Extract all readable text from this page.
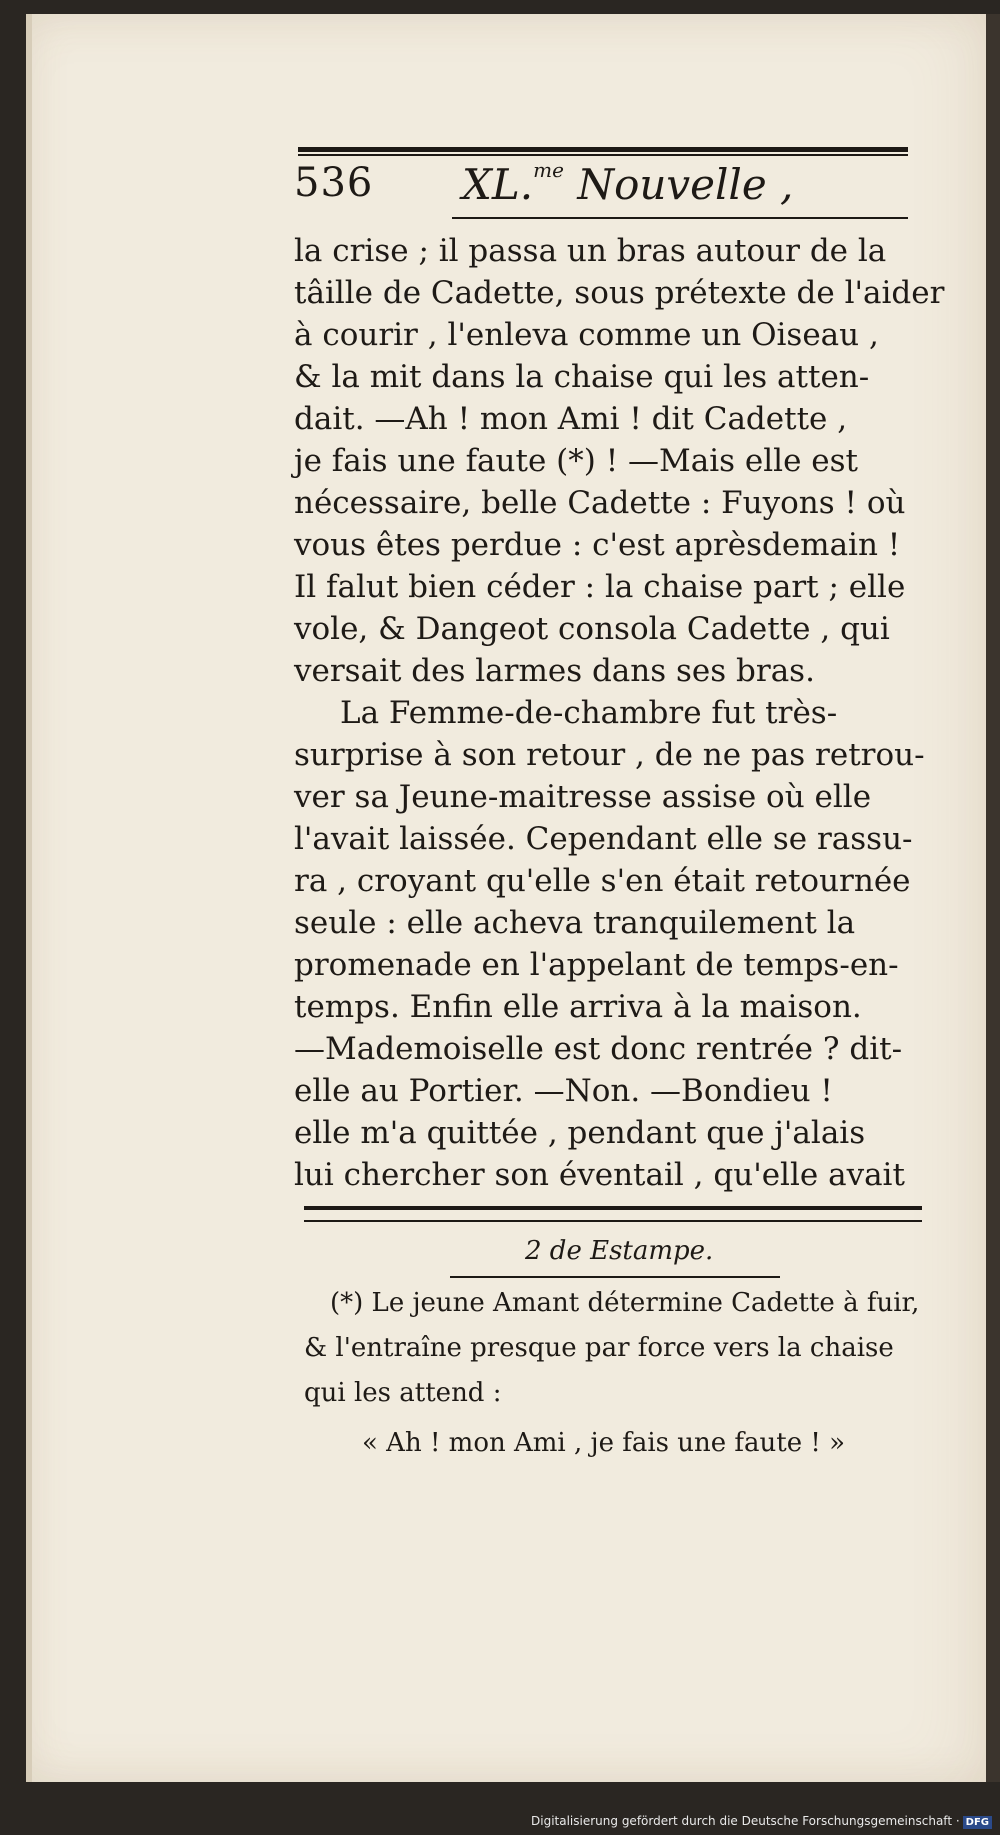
536 XL.$^{me}$ Nouvelle ,
la crise ; il passa un bras autour de la
tâille de Cadette, sous prétexte de l'aider
à courir , l'enleva comme un Oiseau ,
& la mit dans la chaise qui les atten-
dait. —Ah ! mon Ami ! dit Cadette ,
je fais une faute (*) ! —Mais elle est
nécessaire, belle Cadette : Fuyons ! où
vous êtes perdue : c'est aprèsdemain !
Il falut bien céder : la chaise part ; elle
vole, & Dangeot consola Cadette , qui
versait des larmes dans ses bras.
La Femme-de-chambre fut très-
surprise à son retour , de ne pas retrou-
ver sa Jeune-maitresse assise où elle
l'avait laissée. Cependant elle se rassu-
ra , croyant qu'elle s'en était retournée
seule : elle acheva tranquilement la
promenade en l'appelant de temps-en-
temps. Enfin elle arriva à la maison.
—Mademoiselle est donc rentrée ? dit-
elle au Portier. —Non. —Bondieu !
elle m'a quittée , pendant que j'alais
lui chercher son éventail , qu'elle avait
2 de Estampe.
(*) Le jeune Amant détermine Cadette à fuir,
& l'entraîne presque par force vers la chaise
qui les attend :
« Ah ! mon Ami , je fais une faute ! »
Digitalisierung gefördert durch die Deutsche Forschungsgemeinschaft · DFG
